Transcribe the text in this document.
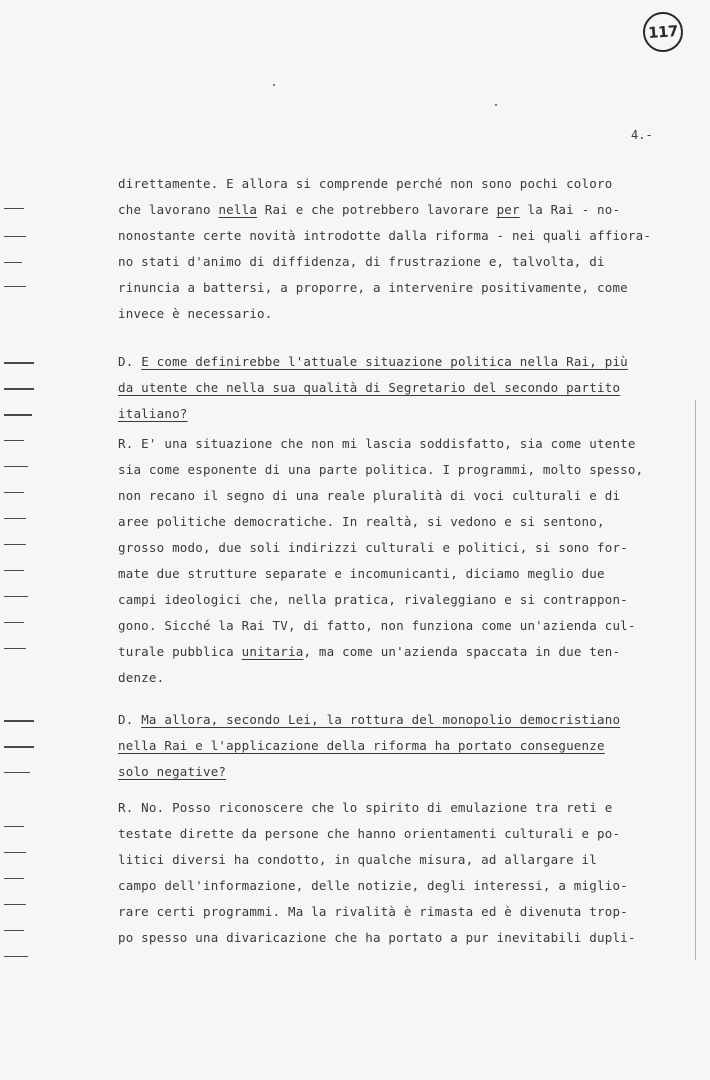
117
4.-
direttamente. E allora si comprende perché non sono pochi coloro
che lavorano nella Rai e che potrebbero lavorare per la Rai - no-
nonostante certe novità introdotte dalla riforma - nei quali affiora-
no stati d'animo di diffidenza, di frustrazione e, talvolta, di
rinuncia a battersi, a proporre, a intervenire positivamente, come
invece è necessario.
D. E come definirebbe l'attuale situazione politica nella Rai, più
da utente che nella sua qualità di Segretario del secondo partito
italiano?
R. E' una situazione che non mi lascia soddisfatto, sia come utente
sia come esponente di una parte politica. I programmi, molto spesso,
non recano il segno di una reale pluralità di voci culturali e di
aree politiche democratiche. In realtà, si vedono e si sentono,
grosso modo, due soli indirizzi culturali e politici, si sono for-
mate due strutture separate e incomunicanti, diciamo meglio due
campi ideologici che, nella pratica, rivaleggiano e si contrappon-
gono. Sicché la Rai TV, di fatto, non funziona come un'azienda cul-
turale pubblica unitaria, ma come un'azienda spaccata in due ten-
denze.
D. Ma allora, secondo Lei, la rottura del monopolio democristiano
nella Rai e l'applicazione della riforma ha portato conseguenze
solo negative?
R. No. Posso riconoscere che lo spirito di emulazione tra reti e
testate dirette da persone che hanno orientamenti culturali e po-
litici diversi ha condotto, in qualche misura, ad allargare il
campo dell'informazione, delle notizie, degli interessi, a miglio-
rare certi programmi. Ma la rivalità è rimasta ed è divenuta trop-
po spesso una divaricazione che ha portato a pur inevitabili dupli-
